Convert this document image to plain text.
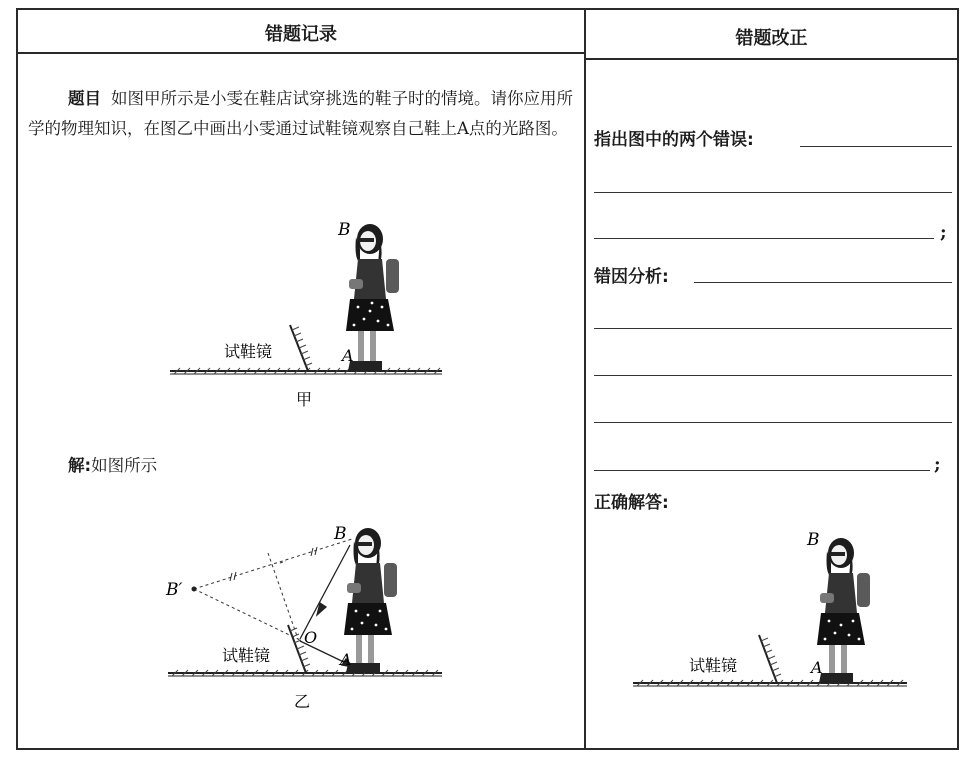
错题记录	错题改正
题目 如图甲所示是小雯在鞋店试穿挑选的鞋子时的情境。请你应用所学的物理知识，在图乙中画出小雯通过试鞋镜观察自己鞋上A点的光路图。
B
A
试鞋镜
甲
解:如图所示
B
B′
O
A
试鞋镜
乙
指出图中的两个错误:
;
错因分析:
;
正确解答:
B
A
试鞋镜
